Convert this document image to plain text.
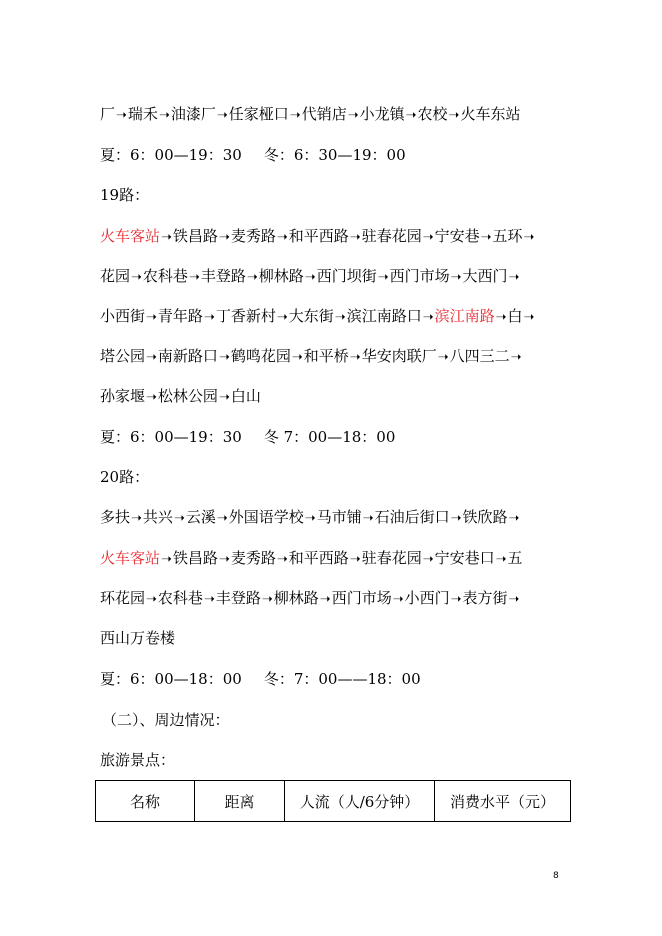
厂➝瑞禾➝油漆厂➝任家桠口➝代销店➝小龙镇➝农校➝火车东站
夏：6：00—19：30 冬：6：30—19：00
19路：
火车客站➝铁昌路➝麦秀路➝和平西路➝驻春花园➝宁安巷➝五环➝
花园➝农科巷➝丰登路➝柳林路➝西门坝街➝西门市场➝大西门➝
小西街➝青年路➝丁香新村➝大东街➝滨江南路口➝滨江南路➝白➝
塔公园➝南新路口➝鹤鸣花园➝和平桥➝华安肉联厂➝八四三二➝
孙家堰➝松林公园➝白山
夏：6：00—19：30 冬 7：00—18：00
20路：
多扶➝共兴➝云溪➝外国语学校➝马市铺➝石油后街口➝铁欣路➝
火车客站➝铁昌路➝麦秀路➝和平西路➝驻春花园➝宁安巷口➝五
环花园➝农科巷➝丰登路➝柳林路➝西门市场➝小西门➝表方街➝
西山万卷楼
夏：6：00—18：00 冬：7：00——18：00
（二）、周边情况：
旅游景点：
名称	距离	人流（人/6分钟）	消费水平（元）
8
